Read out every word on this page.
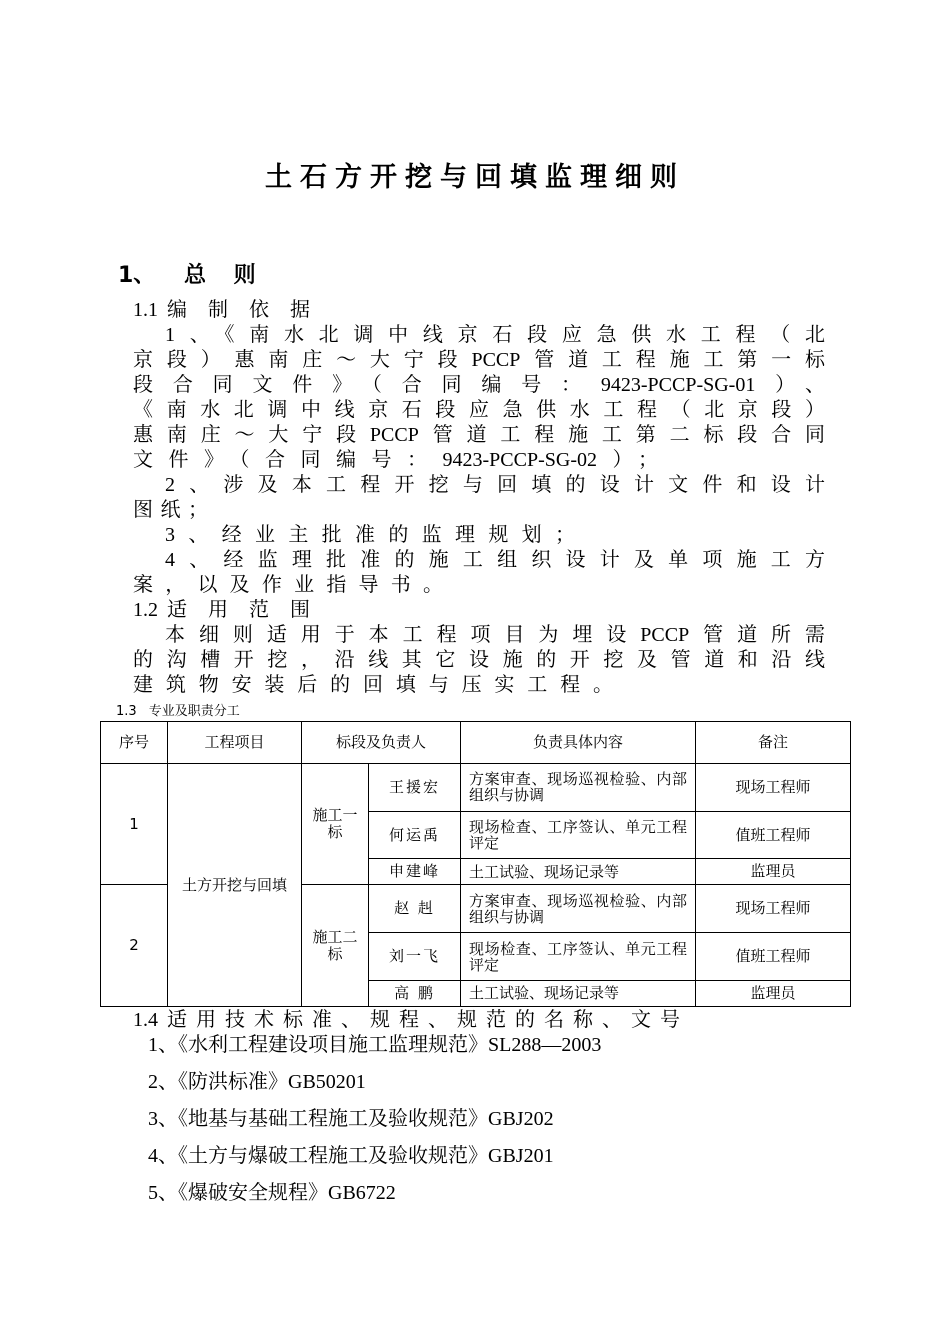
土石方开挖与回填监理细则
1、 总 则
1.1 编 制 依 据
1、《南水北调中线京石段应急供水工程（北
京段）惠南庄～大宁段PCCP管道工程施工第一标
段合同文件》（合同编号：9423-PCCP-SG-01）、
《南水北调中线京石段应急供水工程（北京段）
惠南庄～大宁段PCCP管道工程施工第二标段合同
文件》（合同编号：9423-PCCP-SG-02）；
2、涉及本工程开挖与回填的设计文件和设计
图纸；
3、经业主批准的监理规划；
4、经监理批准的施工组织设计及单项施工方
案，以及作业指导书。
1.2 适 用 范 围
本细则适用于本工程项目为埋设PCCP管道所需
的沟槽开挖，沿线其它设施的开挖及管道和沿线
建筑物安装后的回填与压实工程。
1.3 专业及职责分工
序号	工程项目	标段及负责人		负责具体内容	备注
1	土方开挖与回填	施工一标	王援宏	方案审查、现场巡视检验、内部组织与协调	现场工程师
			何运禹	现场检查、工序签认、单元工程评定	值班工程师
			申建峰	土工试验、现场记录等	监理员
2		施工二标	赵 赳	方案审查、现场巡视检验、内部组织与协调	现场工程师
			刘一飞	现场检查、工序签认、单元工程评定	值班工程师
			高 鹏	土工试验、现场记录等	监理员
1.4 适用技术标准、规程、规范的名称、文号
1、《水利工程建设项目施工监理规范》SL288—2003
2、《防洪标准》GB50201
3、《地基与基础工程施工及验收规范》GBJ202
4、《土方与爆破工程施工及验收规范》GBJ201
5、《爆破安全规程》GB6722
